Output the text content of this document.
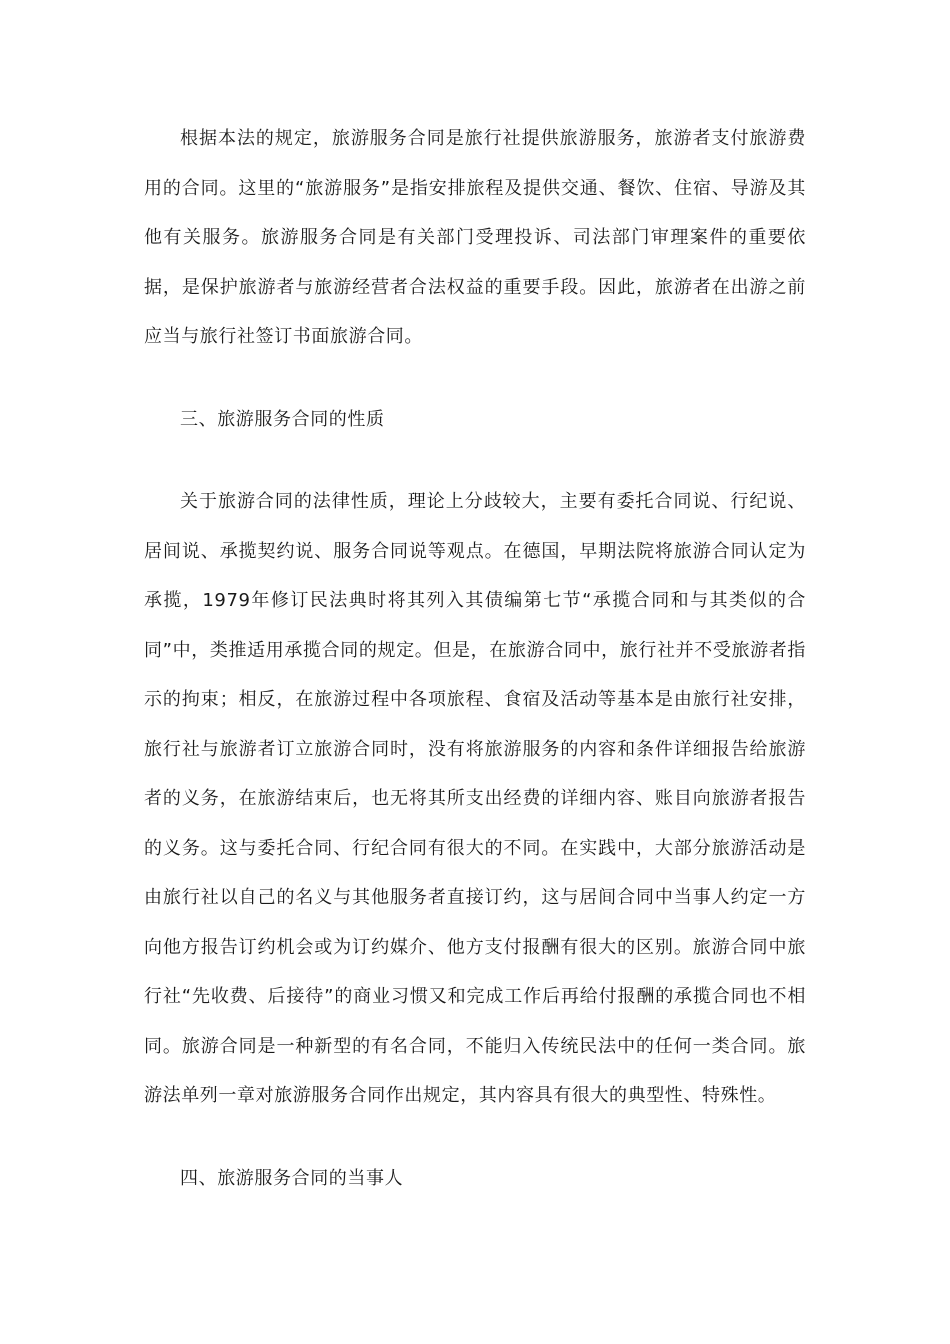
根据本法的规定，旅游服务合同是旅行社提供旅游服务，旅游者支付旅游费用的合同。这里的“旅游服务”是指安排旅程及提供交通、餐饮、住宿、导游及其他有关服务。旅游服务合同是有关部门受理投诉、司法部门审理案件的重要依据，是保护旅游者与旅游经营者合法权益的重要手段。因此，旅游者在出游之前应当与旅行社签订书面旅游合同。

三、旅游服务合同的性质

关于旅游合同的法律性质，理论上分歧较大，主要有委托合同说、行纪说、居间说、承揽契约说、服务合同说等观点。在德国，早期法院将旅游合同认定为承揽，1979年修订民法典时将其列入其债编第七节“承揽合同和与其类似的合同”中，类推适用承揽合同的规定。但是，在旅游合同中，旅行社并不受旅游者指示的拘束；相反，在旅游过程中各项旅程、食宿及活动等基本是由旅行社安排，旅行社与旅游者订立旅游合同时，没有将旅游服务的内容和条件详细报告给旅游者的义务，在旅游结束后，也无将其所支出经费的详细内容、账目向旅游者报告的义务。这与委托合同、行纪合同有很大的不同。在实践中，大部分旅游活动是由旅行社以自己的名义与其他服务者直接订约，这与居间合同中当事人约定一方向他方报告订约机会或为订约媒介、他方支付报酬有很大的区别。旅游合同中旅行社“先收费、后接待”的商业习惯又和完成工作后再给付报酬的承揽合同也不相同。旅游合同是一种新型的有名合同，不能归入传统民法中的任何一类合同。旅游法单列一章对旅游服务合同作出规定，其内容具有很大的典型性、特殊性。

四、旅游服务合同的当事人
